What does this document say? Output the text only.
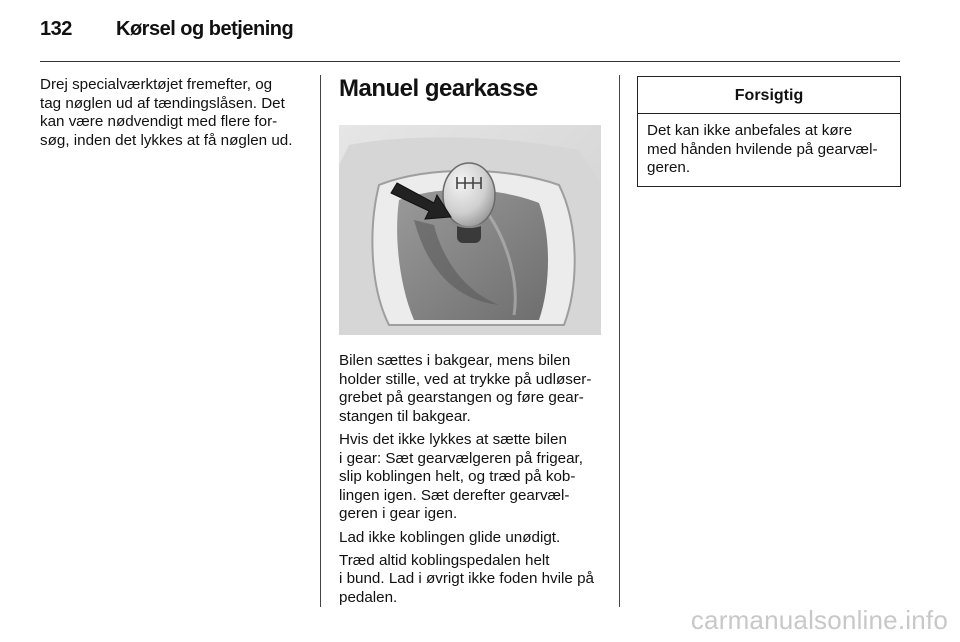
132 Kørsel og betjening

Drej specialværktøjet fremefter, og
tag nøglen ud af tændingslåsen. Det
kan være nødvendigt med flere for-
søg, inden det lykkes at få nøglen ud.

Manuel gearkasse

Bilen sættes i bakgear, mens bilen
holder stille, ved at trykke på udløser-
grebet på gearstangen og føre gear-
stangen til bakgear.

Hvis det ikke lykkes at sætte bilen
i gear: Sæt gearvælgeren på frigear,
slip koblingen helt, og træd på kob-
lingen igen. Sæt derefter gearvæl-
geren i gear igen.

Lad ikke koblingen glide unødigt.

Træd altid koblingspedalen helt
i bund. Lad i øvrigt ikke foden hvile på
pedalen.

Forsigtig

Det kan ikke anbefales at køre
med hånden hvilende på gearvæl-
geren.

carmanualsonline.info
